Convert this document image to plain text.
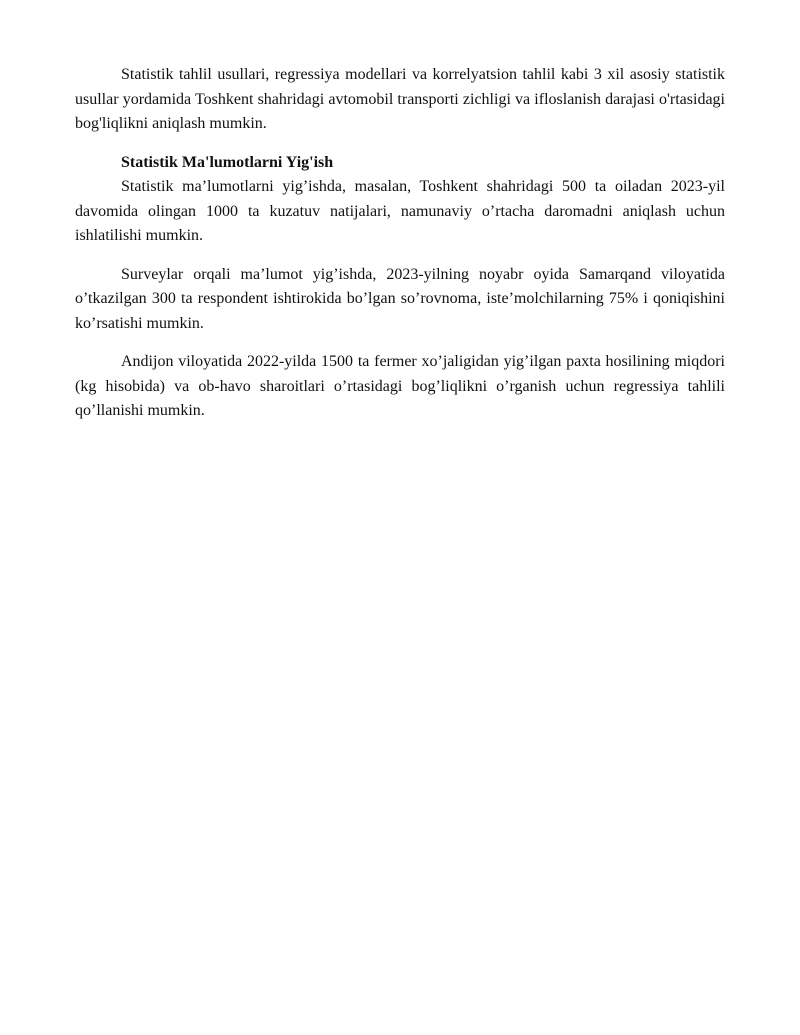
Statistik tahlil usullari, regressiya modellari va korrelyatsion tahlil kabi 3 xil asosiy statistik usullar yordamida Toshkent shahridagi avtomobil transporti zichligi va ifloslanish darajasi o'rtasidagi bog'liqlikni aniqlash mumkin.

Statistik Ma'lumotlarni Yig'ish

Statistik ma’lumotlarni yig’ishda, masalan, Toshkent shahridagi 500 ta oiladan 2023-yil davomida olingan 1000 ta kuzatuv natijalari, namunaviy o’rtacha daromadni aniqlash uchun ishlatilishi mumkin.

Surveylar orqali ma’lumot yig’ishda, 2023-yilning noyabr oyida Samarqand viloyatida o’tkazilgan 300 ta respondent ishtirokida bo’lgan so’rovnoma, iste’molchilarning 75% i qoniqishini ko’rsatishi mumkin.

Andijon viloyatida 2022-yilda 1500 ta fermer xo’jaligidan yig’ilgan paxta hosilining miqdori (kg hisobida) va ob-havo sharoitlari o’rtasidagi bog’liqlikni o’rganish uchun regressiya tahlili qo’llanishi mumkin.
